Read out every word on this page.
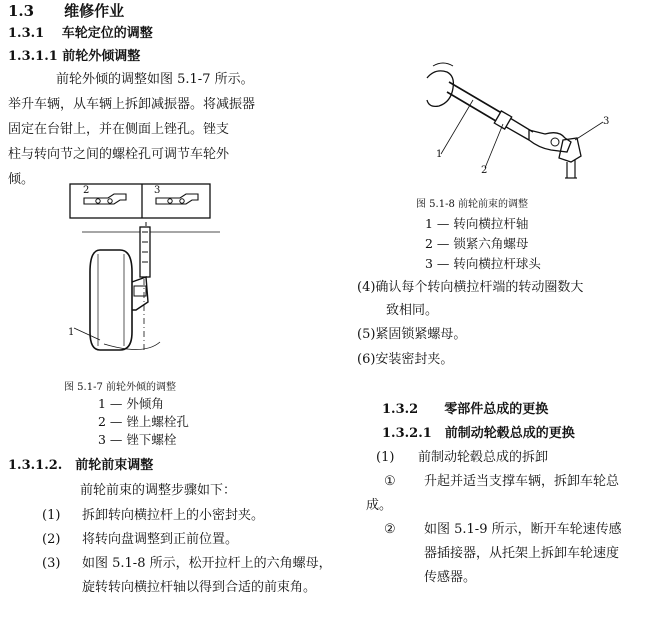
1.3　　维修作业
1.3.1　 车轮定位的调整
1.3.1.1 前轮外倾调整
前轮外倾的调整如图 5.1-7 所示。
举升车辆，从车辆上拆卸减振器。将减振器
固定在台钳上，并在侧面上锉孔。锉支
柱与转向节之间的螺栓孔可调节车轮外
倾。
2	3
1
图 5.1-7 前轮外倾的调整
1 — 外倾角
2 — 锉上螺栓孔
3 — 锉下螺栓
1.3.1.2.　前轮前束调整
前轮前束的调整步骤如下：
(1) 拆卸转向横拉杆上的小密封夹。
(2) 将转向盘调整到正前位置。
(3) 如图 5.1-8 所示，松开拉杆上的六角螺母，
旋转转向横拉杆轴以得到合适的前束角。
1
2
3
图 5.1-8 前轮前束的调整
1 — 转向横拉杆轴
2 — 锁紧六角螺母
3 — 转向横拉杆球头
(4)确认每个转向横拉杆端的转动圈数大
致相同。
(5)紧固锁紧螺母。
(6)安装密封夹。
1.3.2　　零部件总成的更换
1.3.2.1　前制动轮毂总成的更换
(1) 前制动轮毂总成的拆卸
① 升起并适当支撑车辆，拆卸车轮总
成。
② 如图 5.1-9 所示，断开车轮速传感
器插接器，从托架上拆卸车轮速度
传感器。
